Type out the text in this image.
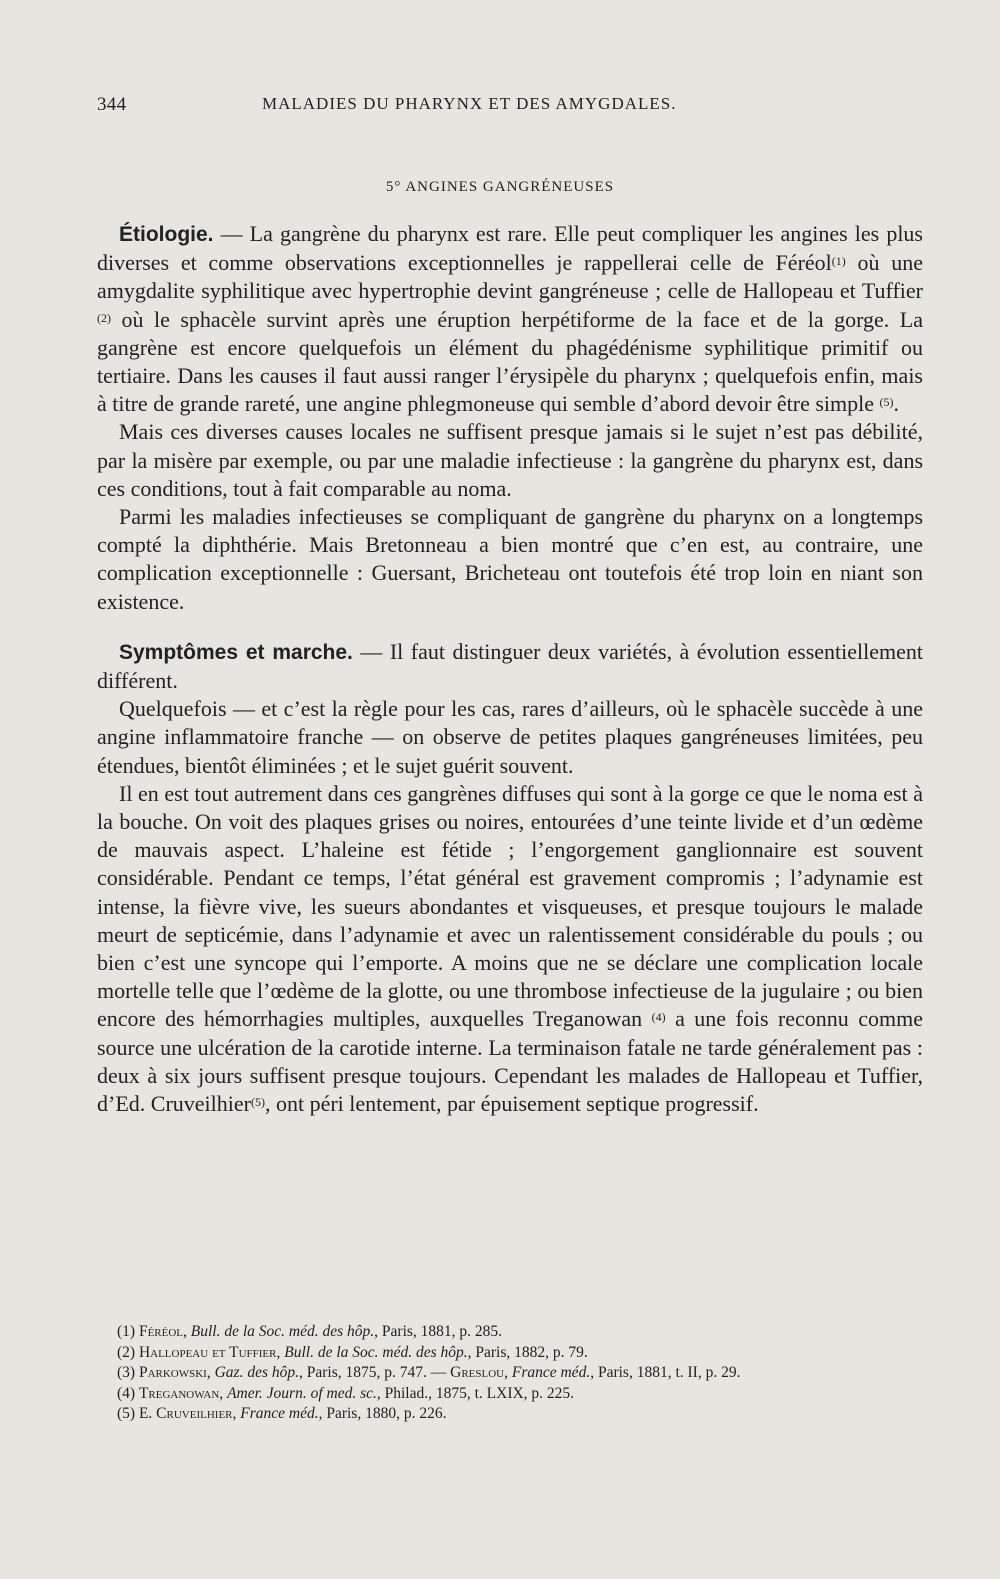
344	MALADIES DU PHARYNX ET DES AMYGDALES.
5° ANGINES GANGRÉNEUSES

Étiologie. — La gangrène du pharynx est rare. Elle peut compliquer les angines les plus diverses et comme observations exceptionnelles je rappellerai celle de Féréol$^{(1)}$ où une amygdalite syphilitique avec hypertrophie devint gangréneuse ; celle de Hallopeau et Tuffier $^{(2)}$ où le sphacèle survint après une éruption herpétiforme de la face et de la gorge. La gangrène est encore quelquefois un élément du phagédénisme syphilitique primitif ou tertiaire. Dans les causes il faut aussi ranger l’érysipèle du pharynx ; quelquefois enfin, mais à titre de grande rareté, une angine phlegmoneuse qui semble d’abord devoir être simple $^{(5)}$.

Mais ces diverses causes locales ne suffisent presque jamais si le sujet n’est pas débilité, par la misère par exemple, ou par une maladie infectieuse : la gangrène du pharynx est, dans ces conditions, tout à fait comparable au noma.

Parmi les maladies infectieuses se compliquant de gangrène du pharynx on a longtemps compté la diphthérie. Mais Bretonneau a bien montré que c’en est, au contraire, une complication exceptionnelle : Guersant, Bricheteau ont toutefois été trop loin en niant son existence.

Symptômes et marche. — Il faut distinguer deux variétés, à évolution essentiellement différent.

Quelquefois — et c’est la règle pour les cas, rares d’ailleurs, où le sphacèle succède à une angine inflammatoire franche — on observe de petites plaques gangréneuses limitées, peu étendues, bientôt éliminées ; et le sujet guérit souvent.

Il en est tout autrement dans ces gangrènes diffuses qui sont à la gorge ce que le noma est à la bouche. On voit des plaques grises ou noires, entourées d’une teinte livide et d’un œdème de mauvais aspect. L’haleine est fétide ; l’engorgement ganglionnaire est souvent considérable. Pendant ce temps, l’état général est gravement compromis ; l’adynamie est intense, la fièvre vive, les sueurs abondantes et visqueuses, et presque toujours le malade meurt de septicémie, dans l’adynamie et avec un ralentissement considérable du pouls ; ou bien c’est une syncope qui l’emporte. A moins que ne se déclare une complication locale mortelle telle que l’œdème de la glotte, ou une thrombose infectieuse de la jugulaire ; ou bien encore des hémorrhagies multiples, auxquelles Treganowan $^{(4)}$ a une fois reconnu comme source une ulcération de la carotide interne. La terminaison fatale ne tarde généralement pas : deux à six jours suffisent presque toujours. Cependant les malades de Hallopeau et Tuffier, d’Ed. Cruveilhier$^{(5)}$, ont péri lentement, par épuisement septique progressif.

(1) Féréol, Bull. de la Soc. méd. des hôp., Paris, 1881, p. 285.

(2) Hallopeau et Tuffier, Bull. de la Soc. méd. des hôp., Paris, 1882, p. 79.

(3) Parkowski, Gaz. des hôp., Paris, 1875, p. 747. — Greslou, France méd., Paris, 1881, t. II, p. 29.

(4) Treganowan, Amer. Journ. of med. sc., Philad., 1875, t. LXIX, p. 225.

(5) E. Cruveilhier, France méd., Paris, 1880, p. 226.
